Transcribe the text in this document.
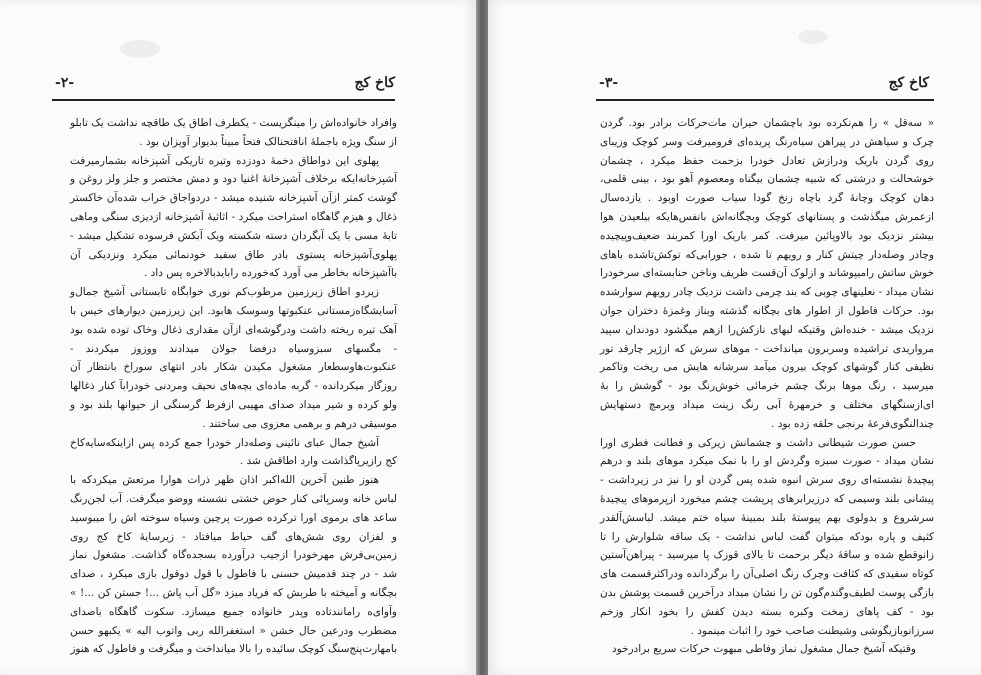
کاخ کج
-۲-

وافراد خانواده‌اش را مینگریست - یکطرف اطاق یک طاقچه نداشت یک تابلو از سنگ ویژه باجملهٔ انافتحنالک فتحاً مبیناً بدیوار آویزان بود .

پهلوی این دواطاق دخمهٔ دودزده وتیره تاریکی آشپزخانه بشمارمیرفت آشپزخانه‌ایکه برخلاف آشپزخانهٔ اغنیا دود و دمش مختصر و جلز ولز روغن و گوشت کمتر ازآن آشپزخانه شنیده میشد - دردواجاق خراب شده‌آن خاکستر ذغال و هیزم گاهگاه استراحت میکرد - اثاثیهٔ آشپزخانه ازدیزی سنگی وماهی تابهٔ مسی با یک آبگردان دسته شکسته ویک آبکش فرسوده تشکیل میشد - پهلوی‌آشپزخانه پستوی بادر طاق سفید خودنمائی میکرد ونزدیکی آن باآشپزخانه بخاطر می آورد که‌خورده رابایدبالاخره پس داد .

زیردو اطاق زیرزمین مرطوب‌کم نوری خوابگاه تابستانی آشیخ جمال‌و آسایشگاه‌زمستانی عنکبوتها وسوسک هابود. این زیرزمین دیوارهای خیس با آهک تیره ریخته داشت ودرگوشه‌ای ازآن مقداری ذغال وخاک توده شده بود - مگسهای سبزوسیاه درفضا جولان میدادند ووزوز میکردند - عنکبوت‌هاوسطعار مشغول مکیدن شکار بادر انتهای سوراخ بانتظار آن روزگار میکردانده - گربه ماده‌ای بچه‌های نحیف ومردنی خودرابآ کنار ذغالها ولو کرده و شیر میداد صدای مهیبی ازفرط گرسنگی از حیوانها بلند بود و موسیقی درهم و برهمی معزوی می ساختند .

آشیخ جمال عبای نائینی وصله‌دار خودرا جمع کرده پس ازاینکه‌سایه‌کاخ کج رازیرپاگذاشت وارد اطاقش شد .

هنوز طنین آخرین الله‌اکبر اذان ظهر ذرات هوارا مرتعش میکرد‌که با لباس خانه وسرپائی کنار حوض خشتی نشسته ووضو میگرفت. آب لجن‌رنگ ساعد های برموی اورا ترکرده صورت پرچین وسیاه سوخته اش را میبوسید و لفزان روی شش‌های گف حیاط میافتاد - زیرسایهٔ کاخ کج روی زمین‌بی‌فرش مهرخودرا ازجیب درآورده بسجده‌گاه گذاشت. مشغول نماز شد - در چند قدمیش حسنی با فاطول با قول دوقول بازی میکرد ، صدای بچگانه و آمیخته با طربش که فریاد میزد «گل آب پاش ...! جستن کن ...! » وآوای‌ه رامانندتاده وپدر خانواده جمیع میسازد. سکوت گاهگاه باصدای مضطرب ودرعین حال خشن « استغفرالله ربی واتوب الیه » یکبهو حسن بامهارت‌پنج‌سنگ کوچک سائیده را بالا میانداخت و میگرفت و فاطول که هنوز

کاخ کج
-۳-

« سه‌قل » را هم‌نکرده بود باچشمان حیران مات‌حرکات برادر بود. گردن چرک و سیاهش در پیراهن سیاه‌رنگ پریده‌ای فرومیرفت وسر کوچک وزیبای روی گردن باریک ودرازش تعادل خودرا بزحمت حفظ میکرد ، چشمان خوشحالت و درشتی که شبیه چشمان بیگناه ومعصوم آهو بود ، بینی قلمی، دهان کوچک وچانهٔ گرد باچاه زنخ گودا سیاب صورت اوبود . یازده‌سال ازعمرش میگذشت و پستانهای کوچک وبچگانه‌اش بانفس‌ها‌یکه بیلعیدن هوا بیشتر نزدیک بود بالاوپائین میرفت. کمر باریک اورا کمربند ضعیف‌وپیچیده وچادر وصله‌دار چیتش کنار و رویهم تا شده ، جورابی‌که توکش‌تاشده باهای خوش ساتش رامیپوشاند و ازلوک آن‌قست ظریف وناخن حنابسته‌ای سرخودرا نشان میداد - نعلینهای چوبی که بند چرمی داشت نزدیک چادر رویهم سوارشده بود. حرکات فاطول از اطوار های بچگانه گذشته وبناز وغمزهٔ دختران جوان نزدیک میشد - خنده‌اش وقتیکه لبهای نازکش‌را ازهم میگشود دودندان سپید مرواریدی تراشیده وسربرون میانداخت - موهای سرش که ازژیر چارقد تور نظیفی کنار گوشهای کوچک بیرون میآمد سرشانه هایش می ریخت وتاکمر میرسید ، رنگ موها برنگ چشم خرمائی خوش‌رنگ بود - گوشش را بهٔ ای‌ازسنگهای مختلف و خرمهرهٔ آبی رنگ زینت میداد وبرمچ دستهایش چندالنگوی‌فرعهٔ برنجی حلقه زده بود .

حسن صورت شیطانی داشت و چشمانش زیرکی و فطانت فطری اورا نشان میداد - صورت سبزه وگردش او را با نمک میکرد موهای بلند و درهم پیچیدهٔ نشسته‌ای روی سرش انبوه شده پس گردن او را نیز در زیرداشت - پیشانی بلند وسیمی که درزیرابرهای پرپشت چشم میخورد ازپرموهای پیچیدهٔ سرشروع و بدولوی بهم پیوستهٔ بلند بمبینهٔ سیاه ختم میشد. لباسش‌آلقدر کثیف و پاره بودکه میتوان گفت لباس نداشت - یک ساقه شلوارش را تا زانوقطع شده و ساقهٔ دیگر برحمت تا بالای قوزک پا میرسید - پیراهن‌آستین کوتاه سفیدی که کثافت وچرک رنگ اصلی‌آن را برگردانده ودراکثرقسمت های بازگی پوست لطیف‌وگندم‌گون تن را نشان میداد درآخرین قسمت پوشش بدن بود - کف پاهای زمخت وکبره بسته دیدن کفش را بخود انکار وزخم سرزانو‌بازیگوشی وشیطنت صاحب خود را اثبات مینمود .

وقتیکه آشیخ جمال مشغول نماز وفاطی مبهوت حرکات سریع برادرخود
